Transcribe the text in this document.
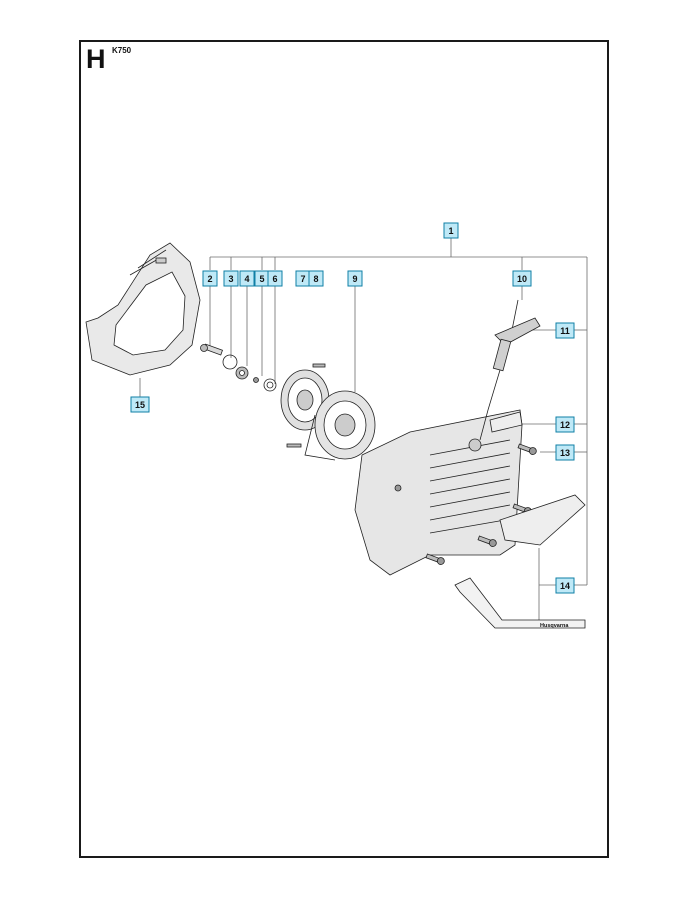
H K750
Husqvarna
1
2 3 4 5 6	7 8	9	10
11
12
13
14
15
